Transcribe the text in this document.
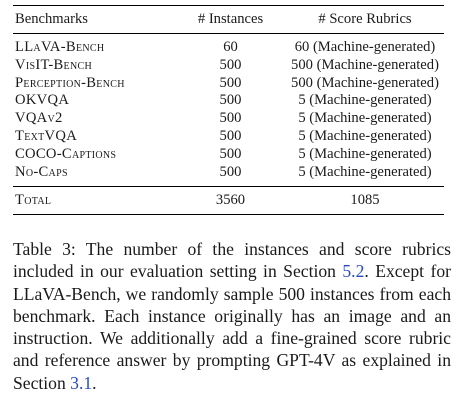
Benchmarks	# Instances	# Score Rubrics

LLaVA-Bench	60	60 (Machine-generated)
VisIT-Bench	500	500 (Machine-generated)
Perception-Bench	500	500 (Machine-generated)
OKVQA	500	5 (Machine-generated)
VQAv2	500	5 (Machine-generated)
TextVQA	500	5 (Machine-generated)
COCO-Captions	500	5 (Machine-generated)
No-Caps	500	5 (Machine-generated)

Total	3560	1085

Table 3: The number of the instances and score rubrics included in our evaluation setting in Section 5.2. Except for LLaVA-Bench, we randomly sample 500 instances from each benchmark. Each instance originally has an image and an instruction. We additionally add a fine-grained score rubric and reference answer by prompting GPT-4V as explained in Section 3.1.
